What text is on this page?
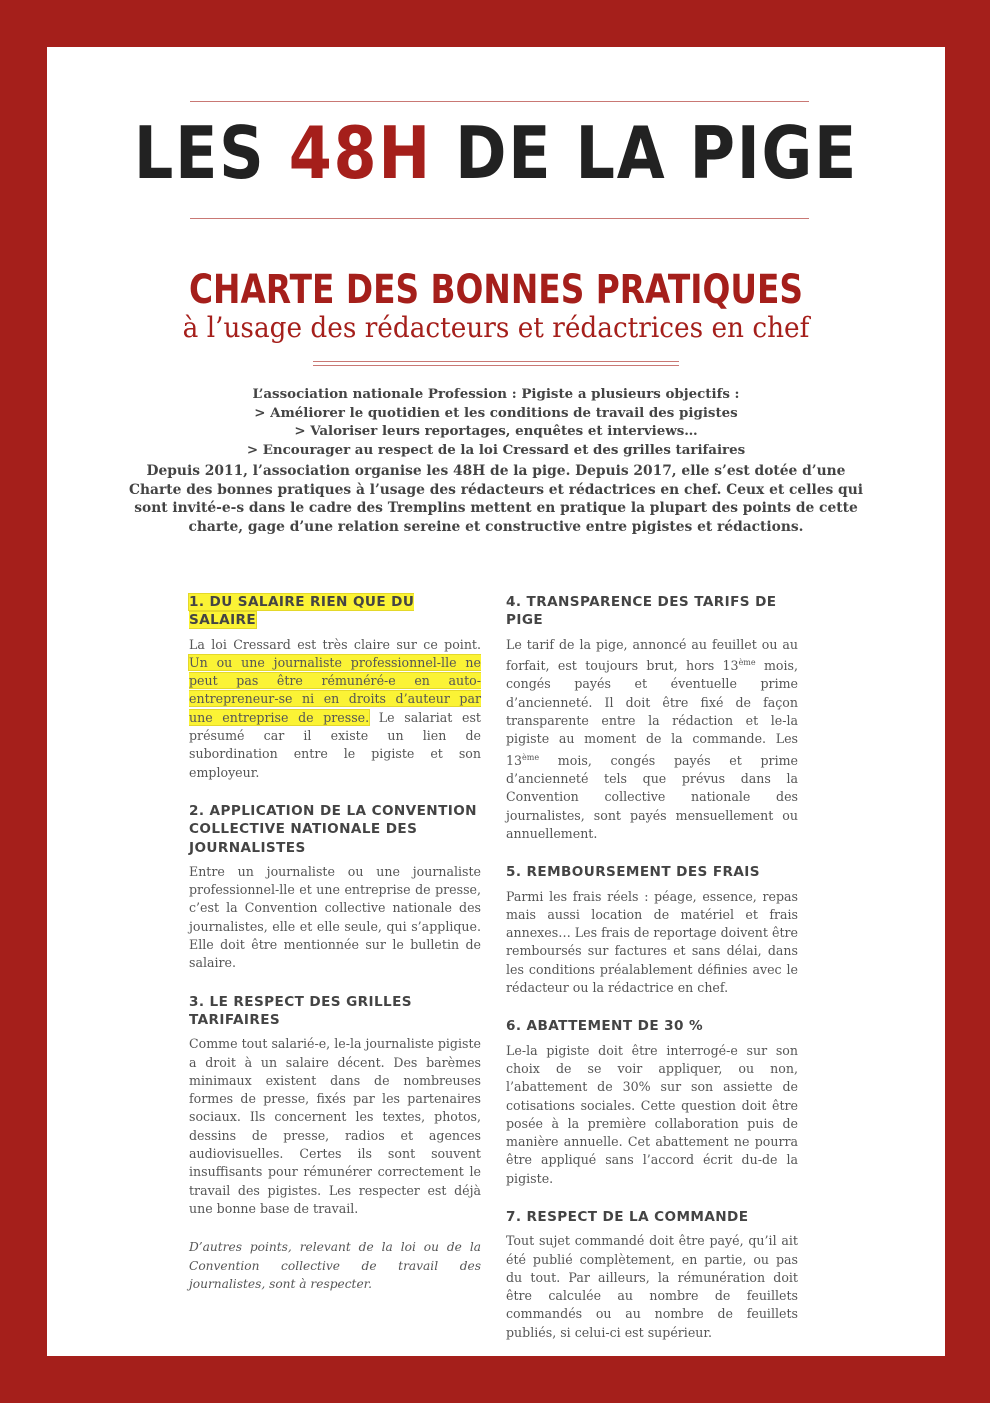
LES 48H DE LA PIGE
CHARTE DES BONNES PRATIQUES
à l’usage des rédacteurs et rédactrices en chef
L’association nationale Profession : Pigiste a plusieurs objectifs :
> Améliorer le quotidien et les conditions de travail des pigistes
> Valoriser leurs reportages, enquêtes et interviews…
> Encourager au respect de la loi Cressard et des grilles tarifaires
Depuis 2011, l’association organise les 48H de la pige. Depuis 2017, elle s’est dotée d’une Charte des bonnes pratiques à l’usage des rédacteurs et rédactrices en chef. Ceux et celles qui sont invité-e-s dans le cadre des Tremplins mettent en pratique la plupart des points de cette charte, gage d’une relation sereine et constructive entre pigistes et rédactions.
1. DU SALAIRE RIEN QUE DU SALAIRE
La loi Cressard est très claire sur ce point. Un ou une journaliste professionnel-lle ne peut pas être rémunéré-e en auto-entrepreneur-se ni en droits d’auteur par une entreprise de presse. Le salariat est présumé car il existe un lien de subordination entre le pigiste et son employeur.
2. APPLICATION DE LA CONVENTION COLLECTIVE NATIONALE DES JOURNALISTES
Entre un journaliste ou une journaliste professionnel-lle et une entreprise de presse, c’est la Convention collective nationale des journalistes, elle et elle seule, qui s’applique. Elle doit être mentionnée sur le bulletin de salaire.
3. LE RESPECT DES GRILLES TARIFAIRES
Comme tout salarié-e, le-la journaliste pigiste a droit à un salaire décent. Des barèmes minimaux existent dans de nombreuses formes de presse, fixés par les partenaires sociaux. Ils concernent les textes, photos, dessins de presse, radios et agences audiovisuelles. Certes ils sont souvent insuffisants pour rémunérer correctement le travail des pigistes. Les respecter est déjà une bonne base de travail.
D’autres points, relevant de la loi ou de la Convention collective de travail des journalistes, sont à respecter.
4. TRANSPARENCE DES TARIFS DE PIGE
Le tarif de la pige, annoncé au feuillet ou au forfait, est toujours brut, hors 13ème mois, congés payés et éventuelle prime d’ancienneté. Il doit être fixé de façon transparente entre la rédaction et le-la pigiste au moment de la commande. Les 13ème mois, congés payés et prime d’ancienneté tels que prévus dans la Convention collective nationale des journalistes, sont payés mensuellement ou annuellement.
5. REMBOURSEMENT DES FRAIS
Parmi les frais réels : péage, essence, repas mais aussi location de matériel et frais annexes… Les frais de reportage doivent être remboursés sur factures et sans délai, dans les conditions préalablement définies avec le rédacteur ou la rédactrice en chef.
6. ABATTEMENT DE 30 %
Le-la pigiste doit être interrogé-e sur son choix de se voir appliquer, ou non, l’abattement de 30% sur son assiette de cotisations sociales. Cette question doit être posée à la première collaboration puis de manière annuelle. Cet abattement ne pourra être appliqué sans l’accord écrit du-de la pigiste.
7. RESPECT DE LA COMMANDE
Tout sujet commandé doit être payé, qu’il ait été publié complètement, en partie, ou pas du tout. Par ailleurs, la rémunération doit être calculée au nombre de feuillets commandés ou au nombre de feuillets publiés, si celui-ci est supérieur.
